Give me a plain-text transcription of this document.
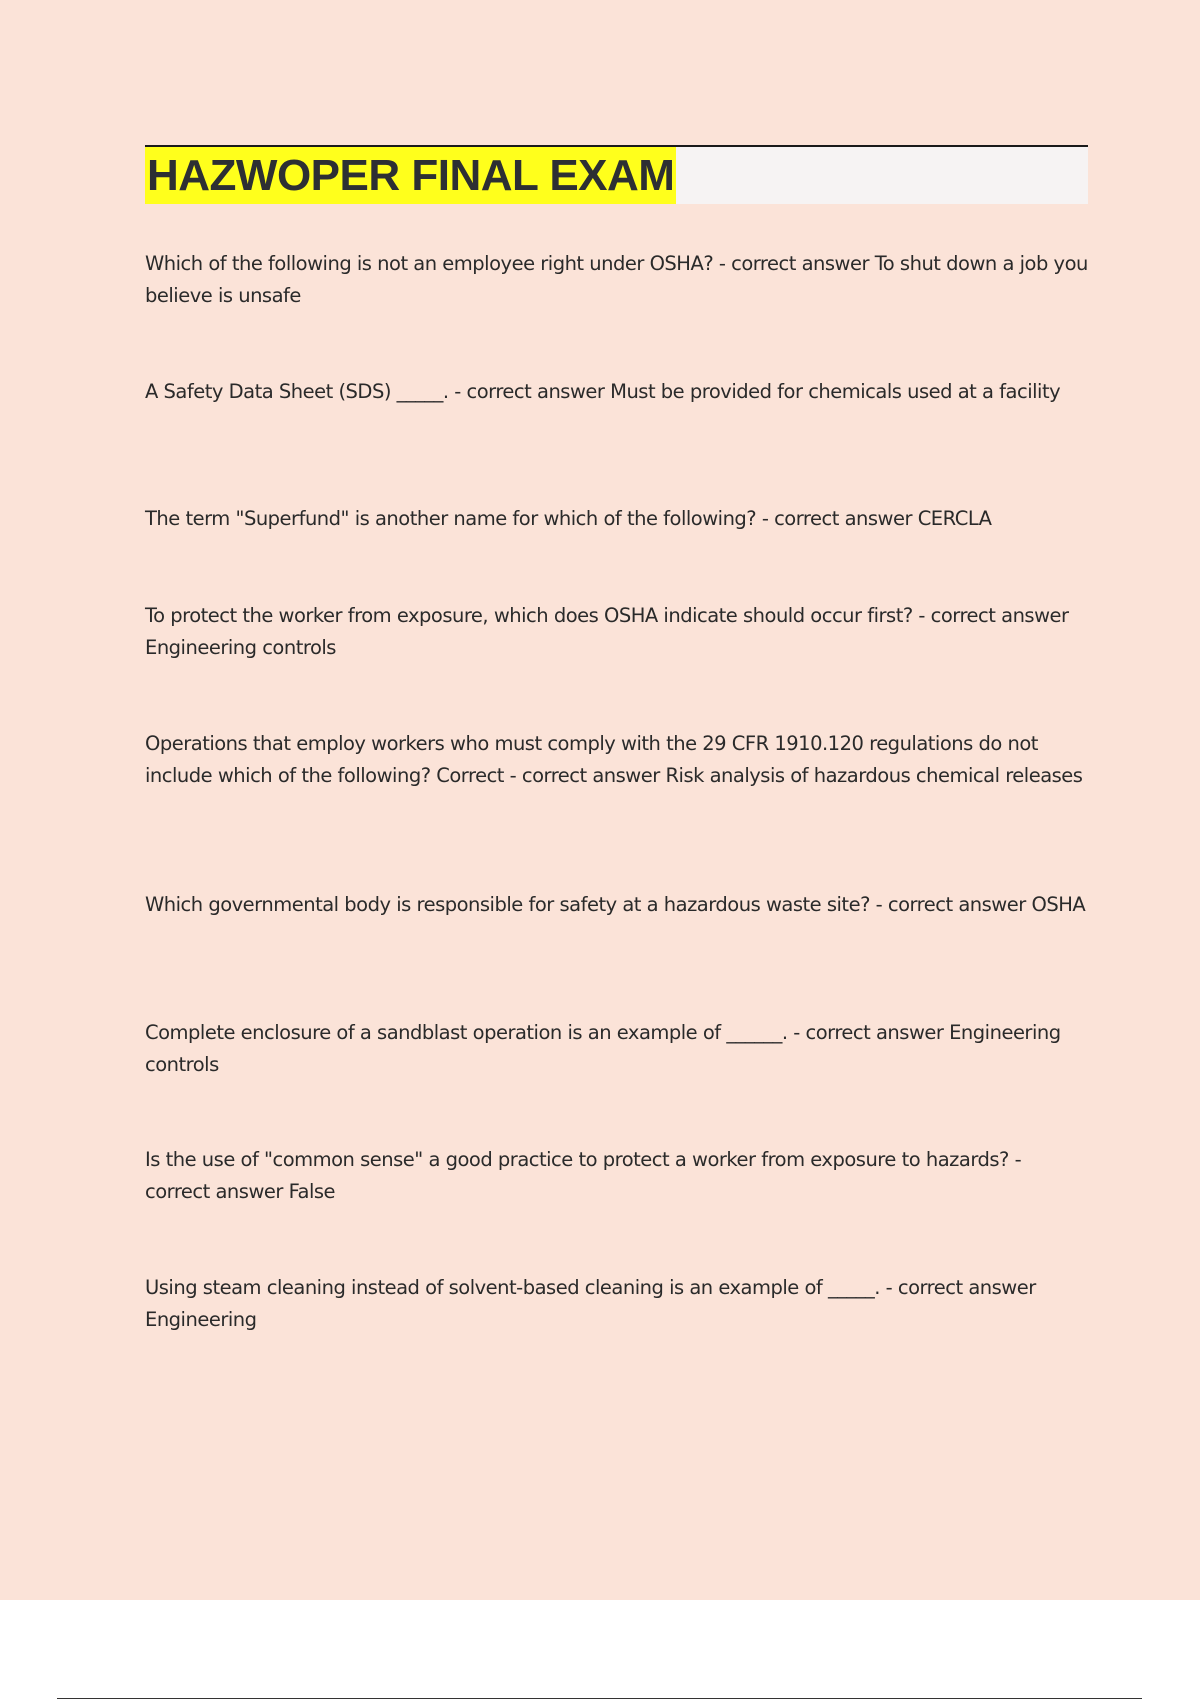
HAZWOPER FINAL EXAM

Which of the following is not an employee right under OSHA? - correct answer To shut down a job you believe is unsafe

A Safety Data Sheet (SDS) _____. - correct answer Must be provided for chemicals used at a facility

The term "Superfund" is another name for which of the following? - correct answer CERCLA

To protect the worker from exposure, which does OSHA indicate should occur first? - correct answer Engineering controls

Operations that employ workers who must comply with the 29 CFR 1910.120 regulations do not include which of the following? Correct - correct answer Risk analysis of hazardous chemical releases

Which governmental body is responsible for safety at a hazardous waste site? - correct answer OSHA

Complete enclosure of a sandblast operation is an example of ______. - correct answer Engineering controls

Is the use of "common sense" a good practice to protect a worker from exposure to hazards? - correct answer False

Using steam cleaning instead of solvent-based cleaning is an example of _____. - correct answer Engineering
